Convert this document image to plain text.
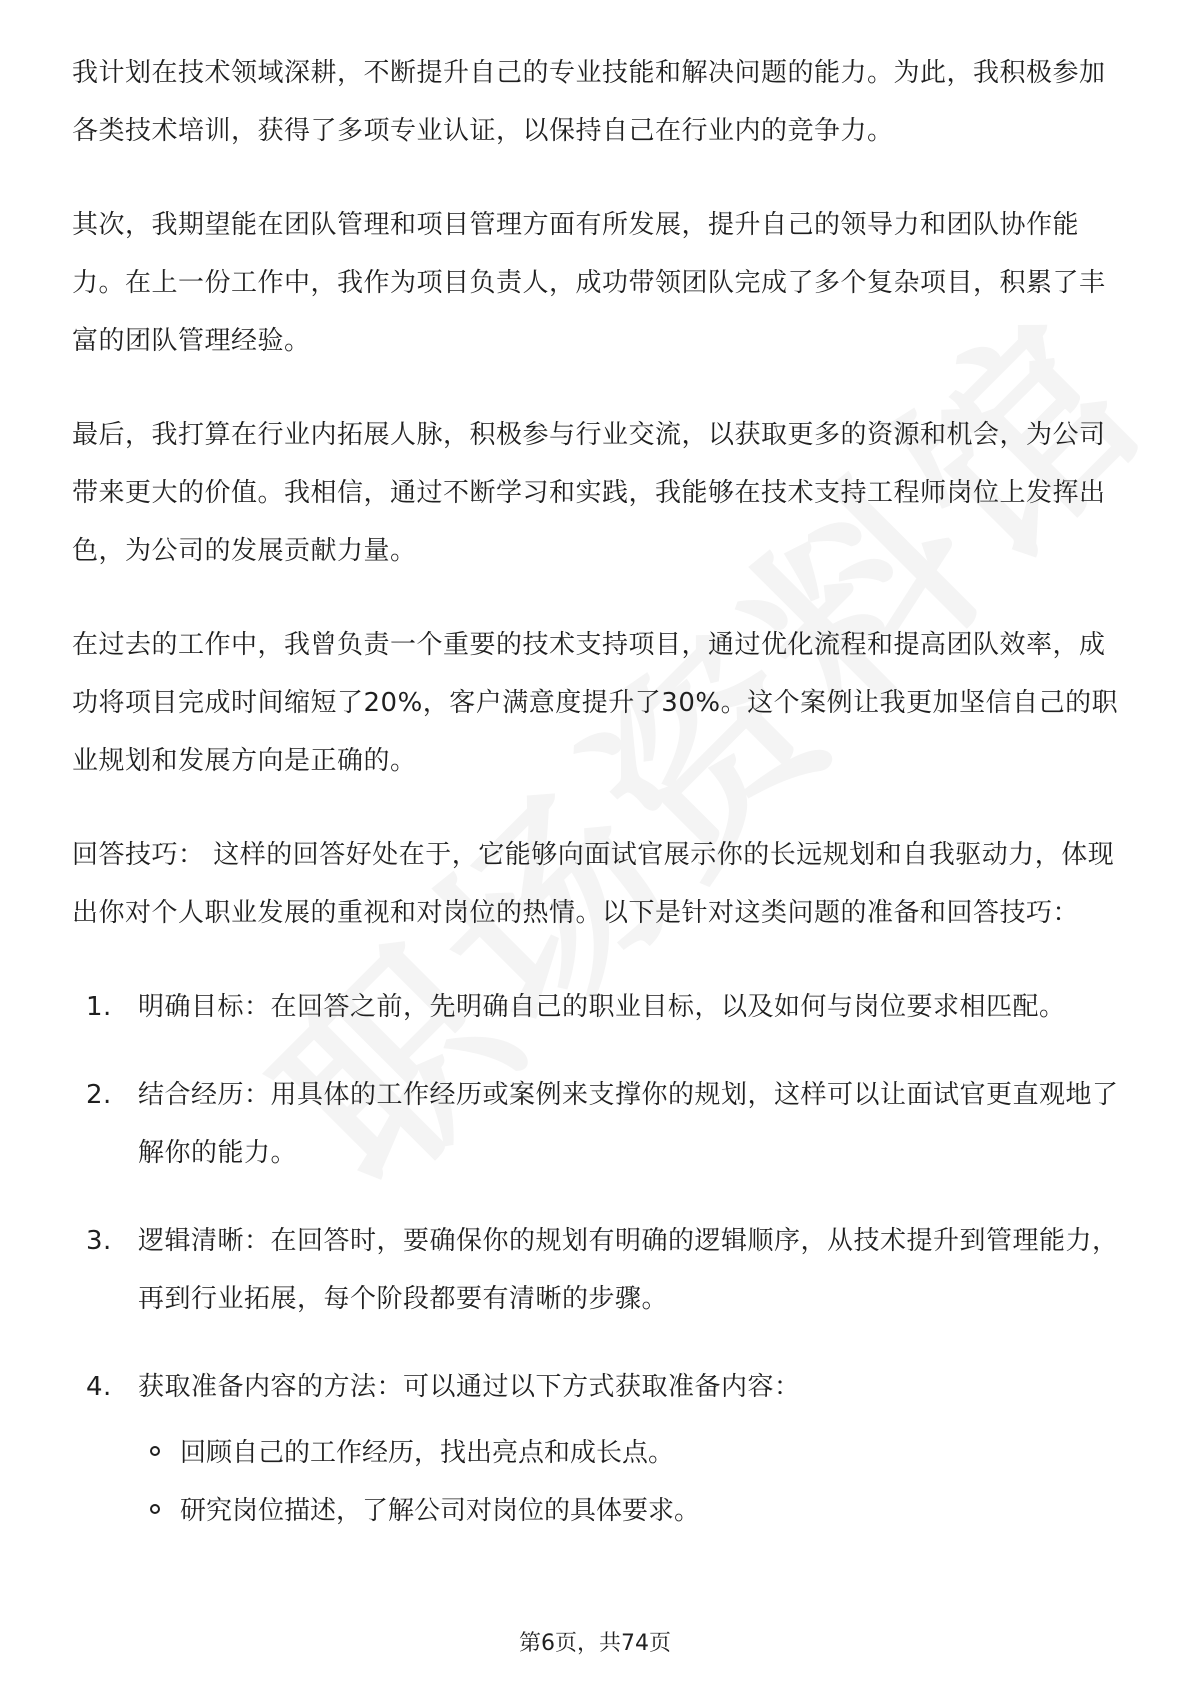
我计划在技术领域深耕，不断提升自己的专业技能和解决问题的能力。为此，我积极参加各类技术培训，获得了多项专业认证，以保持自己在行业内的竞争力。

其次，我期望能在团队管理和项目管理方面有所发展，提升自己的领导力和团队协作能力。在上一份工作中，我作为项目负责人，成功带领团队完成了多个复杂项目，积累了丰富的团队管理经验。

最后，我打算在行业内拓展人脉，积极参与行业交流，以获取更多的资源和机会，为公司带来更大的价值。我相信，通过不断学习和实践，我能够在技术支持工程师岗位上发挥出色，为公司的发展贡献力量。

在过去的工作中，我曾负责一个重要的技术支持项目，通过优化流程和提高团队效率，成功将项目完成时间缩短了20%，客户满意度提升了30%。这个案例让我更加坚信自己的职业规划和发展方向是正确的。

回答技巧： 这样的回答好处在于，它能够向面试官展示你的长远规划和自我驱动力，体现出你对个人职业发展的重视和对岗位的热情。以下是针对这类问题的准备和回答技巧：

1. 明确目标：在回答之前，先明确自己的职业目标，以及如何与岗位要求相匹配。
2. 结合经历：用具体的工作经历或案例来支撑你的规划，这样可以让面试官更直观地了解你的能力。
3. 逻辑清晰：在回答时，要确保你的规划有明确的逻辑顺序，从技术提升到管理能力，再到行业拓展，每个阶段都要有清晰的步骤。
4. 获取准备内容的方法：可以通过以下方式获取准备内容：
回顾自己的工作经历，找出亮点和成长点。
研究岗位描述，了解公司对岗位的具体要求。
第6页，共74页
